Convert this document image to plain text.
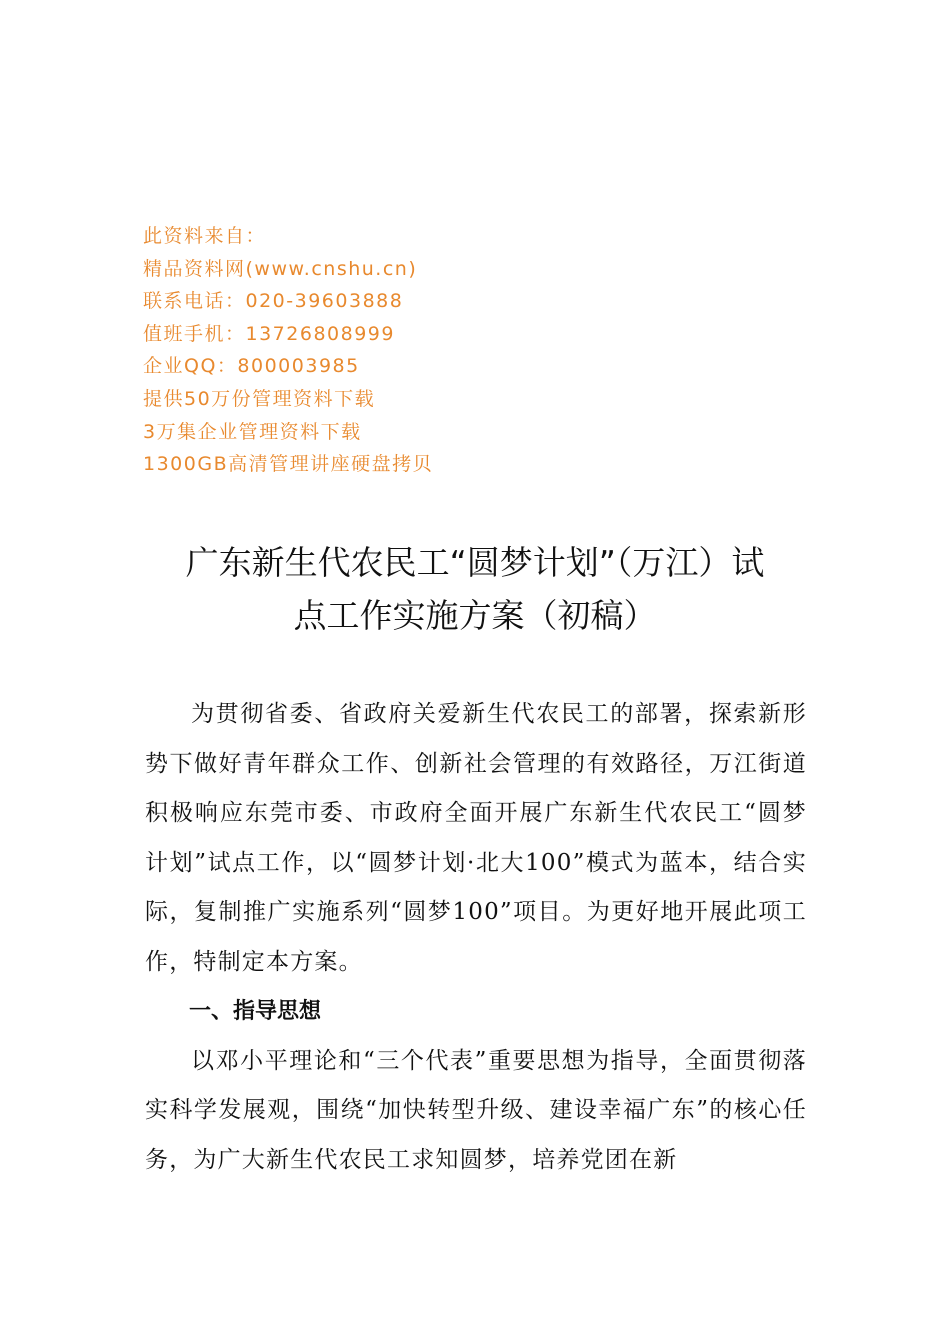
此资料来自：
精品资料网(www.cnshu.cn)
联系电话：020-39603888
值班手机：13726808999
企业QQ：800003985
提供50万份管理资料下载
3万集企业管理资料下载
1300GB高清管理讲座硬盘拷贝
广东新生代农民工“圆梦计划”（万江）试
点工作实施方案（初稿）

为贯彻省委、省政府关爱新生代农民工的部署，探索新形势下做好青年群众工作、创新社会管理的有效路径，万江街道积极响应东莞市委、市政府全面开展广东新生代农民工“圆梦计划”试点工作，以“圆梦计划·北大100”模式为蓝本，结合实际，复制推广实施系列“圆梦100”项目。为更好地开展此项工作，特制定本方案。

一、指导思想

以邓小平理论和“三个代表”重要思想为指导，全面贯彻落实科学发展观，围绕“加快转型升级、建设幸福广东”的核心任务，为广大新生代农民工求知圆梦，培养党团在新
